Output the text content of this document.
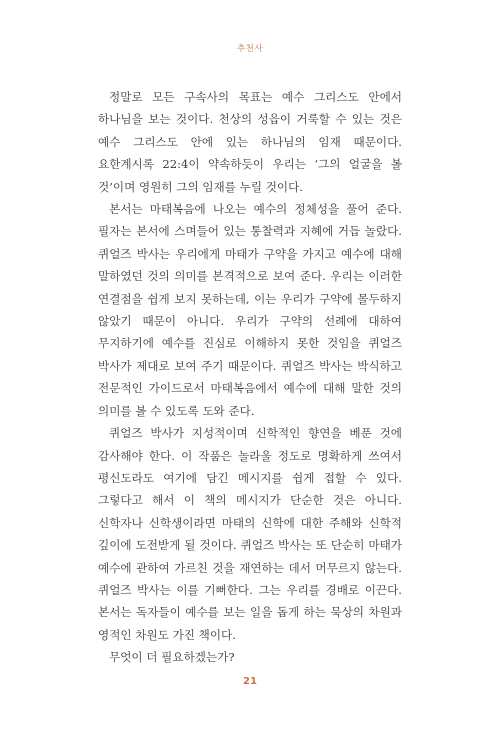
추천사

정말로 모든 구속사의 목표는 예수 그리스도 안에서 하나님을 보는 것이다. 천상의 성읍이 거룩할 수 있는 것은 예수 그리스도 안에 있는 하나님의 임재 때문이다. 요한계시록 22:4이 약속하듯이 우리는 ‘그의 얼굴을 볼 것’이며 영원히 그의 임재를 누릴 것이다.

본서는 마태복음에 나오는 예수의 정체성을 풀어 준다. 필자는 본서에 스며들어 있는 통찰력과 지혜에 거듭 놀랐다. 퀴얼즈 박사는 우리에게 마태가 구약을 가지고 예수에 대해 말하였던 것의 의미를 본격적으로 보여 준다. 우리는 이러한 연결점을 쉽게 보지 못하는데, 이는 우리가 구약에 몰두하지 않았기 때문이 아니다. 우리가 구약의 선례에 대하여 무지하기에 예수를 진심로 이해하지 못한 것임을 퀴얼즈 박사가 제대로 보여 주기 때문이다. 퀴얼즈 박사는 박식하고 전문적인 가이드로서 마태복음에서 예수에 대해 말한 것의 의미를 볼 수 있도록 도와 준다.

퀴얼즈 박사가 지성적이며 신학적인 향연을 베푼 것에 감사해야 한다. 이 작품은 놀라울 정도로 명확하게 쓰여서 평신도라도 여기에 담긴 메시지를 쉽게 접할 수 있다. 그렇다고 해서 이 책의 메시지가 단순한 것은 아니다. 신학자나 신학생이라면 마태의 신학에 대한 주해와 신학적 깊이에 도전받게 될 것이다. 퀴얼즈 박사는 또 단순히 마태가 예수에 관하여 가르친 것을 재연하는 데서 머무르지 않는다. 퀴얼즈 박사는 이를 기뻐한다. 그는 우리를 경배로 이끈다. 본서는 독자들이 예수를 보는 일을 돕게 하는 묵상의 차원과 영적인 차원도 가진 책이다.

무엇이 더 필요하겠는가?

21
